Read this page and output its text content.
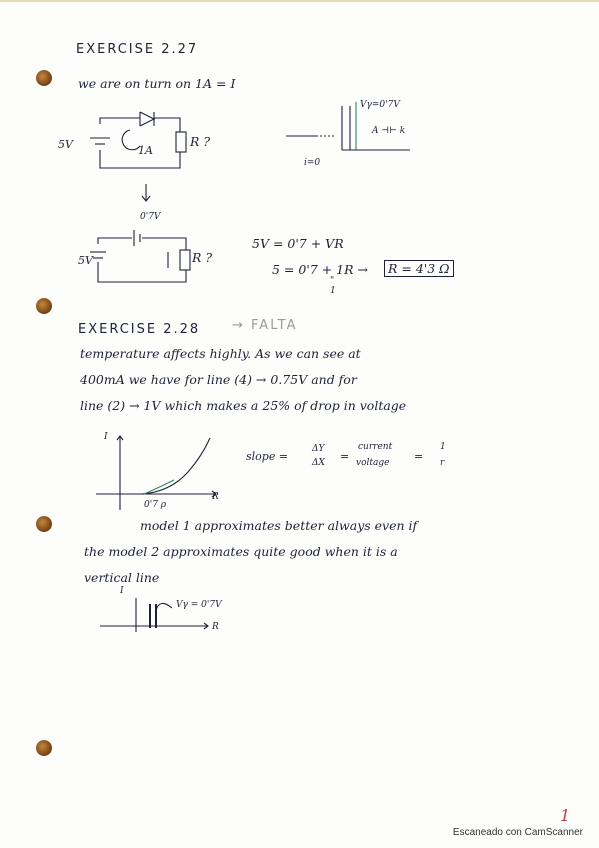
EXERCISE 2.27
we are on turn on 1A = I
5V	1A
R ?
Vγ=0'7V
i=0
A ⊣⊢ k
0'7V
5V	R ?
5V = 0'7 + VR
5 = 0'7 + 1R →
"
1
R = 4'3 Ω
EXERCISE 2.28 → FALTA
temperature affects highly. As we can see at
400mA we have for line (4) → 0.75V and for
line (2) → 1V which makes a 25% of drop in voltage
I
R
0'7 ρ
slope =
ΔY
ΔX =
current
voltage =
1
r
model 1 approximates better always even if
the model 2 approximates quite good when it is a
vertical line
I
Vγ = 0'7V
R
1
Escaneado con CamScanner
